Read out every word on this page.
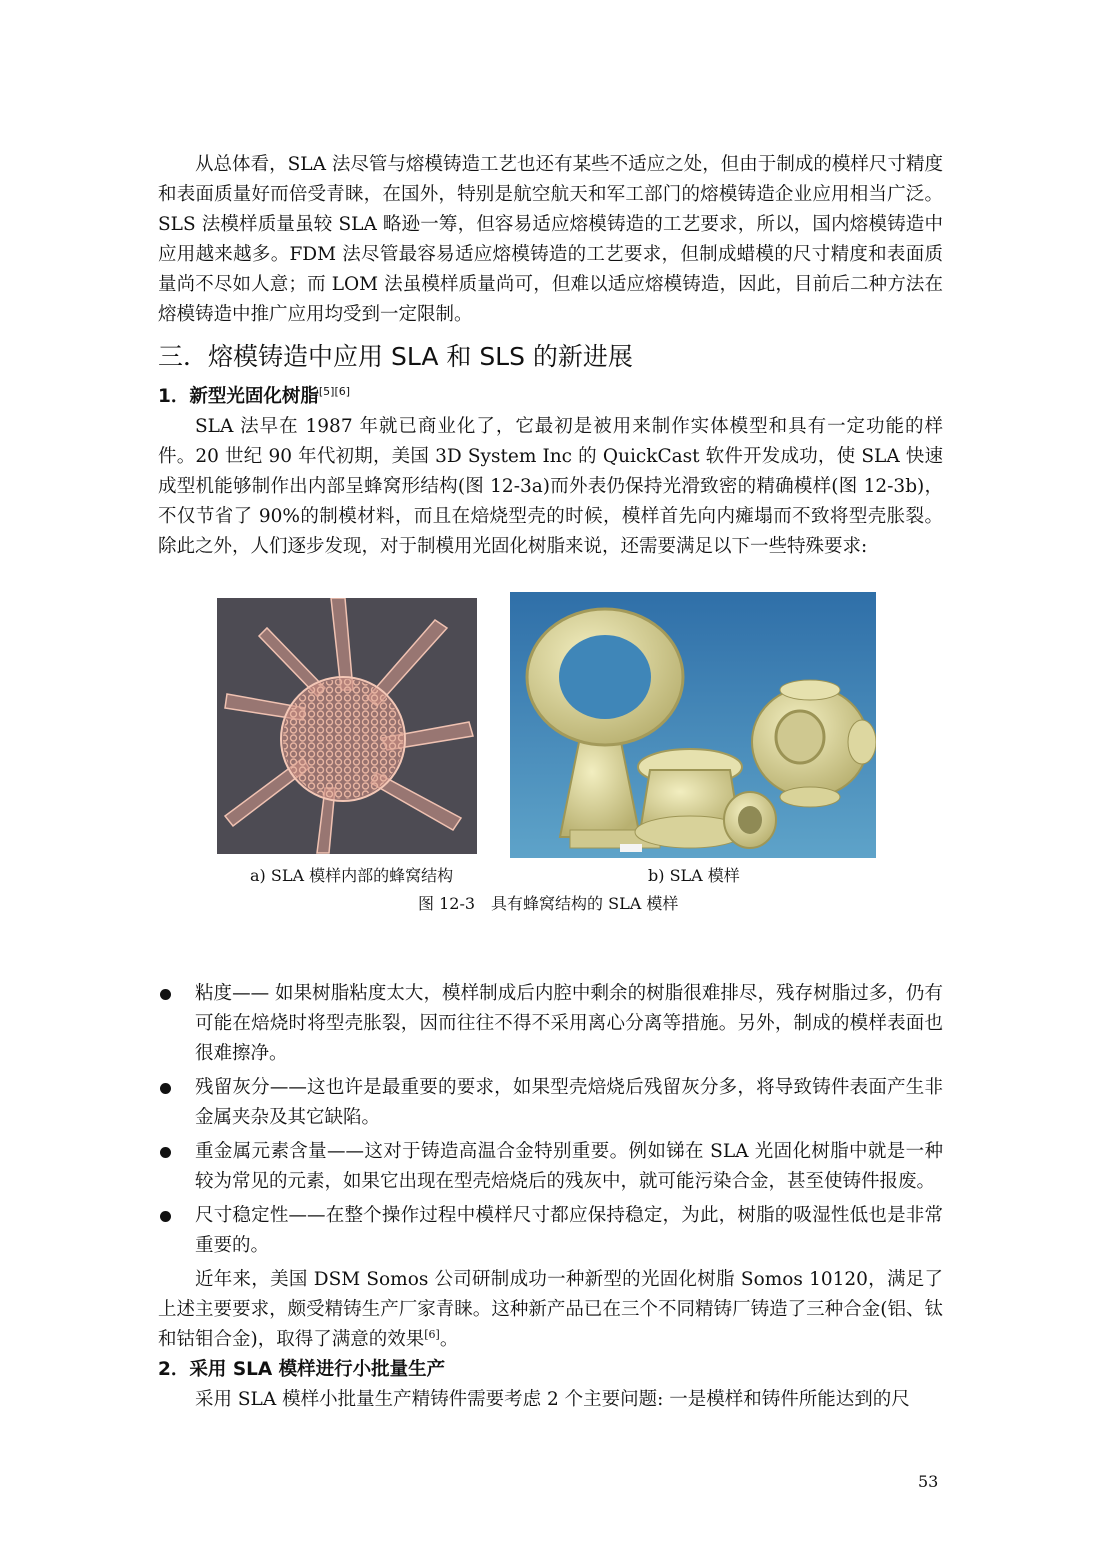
从总体看，SLA 法尽管与熔模铸造工艺也还有某些不适应之处，但由于制成的模样尺寸精度和表面质量好而倍受青睐，在国外，特别是航空航天和军工部门的熔模铸造企业应用相当广泛。SLS 法模样质量虽较 SLA 略逊一筹，但容易适应熔模铸造的工艺要求，所以，国内熔模铸造中应用越来越多。FDM 法尽管最容易适应熔模铸造的工艺要求，但制成蜡模的尺寸精度和表面质量尚不尽如人意；而 LOM 法虽模样质量尚可，但难以适应熔模铸造，因此，目前后二种方法在熔模铸造中推广应用均受到一定限制。

三．熔模铸造中应用 SLA 和 SLS 的新进展
1．新型光固化树脂[5][6]

SLA 法早在 1987 年就已商业化了，它最初是被用来制作实体模型和具有一定功能的样件。20 世纪 90 年代初期，美国 3D System Inc 的 QuickCast 软件开发成功，使 SLA 快速成型机能够制作出内部呈蜂窝形结构(图 12-3a)而外表仍保持光滑致密的精确模样(图 12-3b)，不仅节省了 90%的制模材料，而且在焙烧型壳的时候，模样首先向内瘫塌而不致将型壳胀裂。除此之外，人们逐步发现，对于制模用光固化树脂来说，还需要满足以下一些特殊要求:

a) SLA 模样内部的蜂窝结构	b) SLA 模样
图 12-3　具有蜂窝结构的 SLA 模样
粘度—— 如果树脂粘度太大，模样制成后内腔中剩余的树脂很难排尽，残存树脂过多，仍有可能在焙烧时将型壳胀裂，因而往往不得不采用离心分离等措施。另外，制成的模样表面也很难擦净。
残留灰分——这也许是最重要的要求，如果型壳焙烧后残留灰分多，将导致铸件表面产生非金属夹杂及其它缺陷。
重金属元素含量——这对于铸造高温合金特别重要。例如锑在 SLA 光固化树脂中就是一种较为常见的元素，如果它出现在型壳焙烧后的残灰中，就可能污染合金，甚至使铸件报废。
尺寸稳定性——在整个操作过程中模样尺寸都应保持稳定，为此，树脂的吸湿性低也是非常重要的。

近年来，美国 DSM Somos 公司研制成功一种新型的光固化树脂 Somos 10120，满足了上述主要要求，颇受精铸生产厂家青睐。这种新产品已在三个不同精铸厂铸造了三种合金(铝、钛和钴钼合金)，取得了满意的效果[6]。

2．采用 SLA 模样进行小批量生产

采用 SLA 模样小批量生产精铸件需要考虑 2 个主要问题: 一是模样和铸件所能达到的尺

53
